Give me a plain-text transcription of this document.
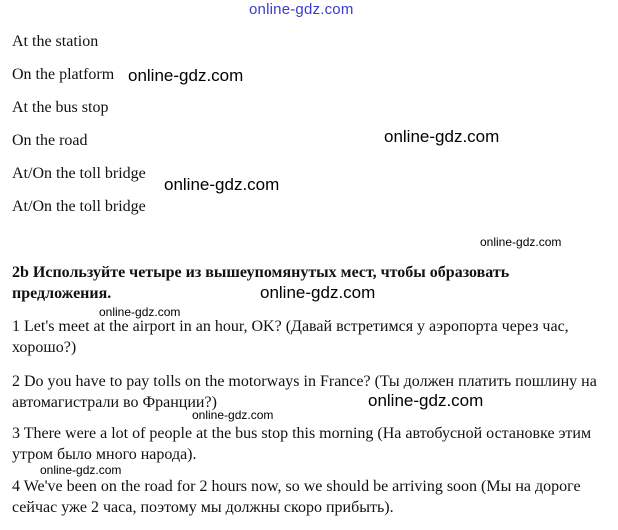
online-gdz.com
At the station
On the platform
At the bus stop
On the road
At/On the toll bridge
At/On the toll bridge
2b Используйте четыре из вышеупомянутых мест, чтобы образовать предложения.
1 Let's meet at the airport in an hour, OK? (Давай встретимся у аэропорта через час, хорошо?)
2 Do you have to pay tolls on the motorways in France? (Ты должен платить пошлину на автомагистрали во Франции?)
3 There were a lot of people at the bus stop this morning (На автобусной остановке этим утром было много народа).
4 We've been on the road for 2 hours now, so we should be arriving soon (Мы на дороге сейчас уже 2 часа, поэтому мы должны скоро прибыть).
online-gdz.com
online-gdz.com
online-gdz.com
online-gdz.com
online-gdz.com
online-gdz.com
online-gdz.com
online-gdz.com
online-gdz.com
